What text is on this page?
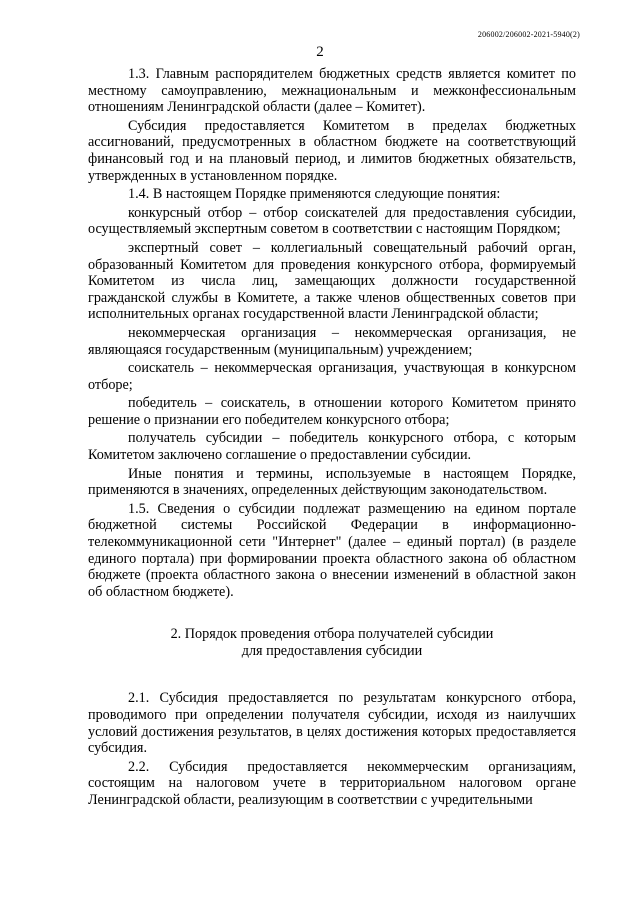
206002/206002-2021-5940(2)
2

1.3. Главным распорядителем бюджетных средств является комитет по местному самоуправлению, межнациональным и межконфессиональным отношениям Ленинградской области (далее – Комитет).

Субсидия предоставляется Комитетом в пределах бюджетных ассигнований, предусмотренных в областном бюджете на соответствующий финансовый год и на плановый период, и лимитов бюджетных обязательств, утвержденных в установленном порядке.

1.4. В настоящем Порядке применяются следующие понятия:

конкурсный отбор – отбор соискателей для предоставления субсидии, осуществляемый экспертным советом в соответствии с настоящим Порядком;

экспертный совет – коллегиальный совещательный рабочий орган, образованный Комитетом для проведения конкурсного отбора, формируемый Комитетом из числа лиц, замещающих должности государственной гражданской службы в Комитете, а также членов общественных советов при исполнительных органах государственной власти Ленинградской области;

некоммерческая организация – некоммерческая организация, не являющаяся государственным (муниципальным) учреждением;

соискатель – некоммерческая организация, участвующая в конкурсном отборе;

победитель – соискатель, в отношении которого Комитетом принято решение о признании его победителем конкурсного отбора;

получатель субсидии – победитель конкурсного отбора, с которым Комитетом заключено соглашение о предоставлении субсидии.

Иные понятия и термины, используемые в настоящем Порядке, применяются в значениях, определенных действующим законодательством.

1.5. Сведения о субсидии подлежат размещению на едином портале бюджетной системы Российской Федерации в информационно-телекоммуникационной сети "Интернет" (далее – единый портал) (в разделе единого портала) при формировании проекта областного закона об областном бюджете (проекта областного закона о внесении изменений в областной закон об областном бюджете).

2. Порядок проведения отбора получателей субсидии
для предоставления субсидии

2.1. Субсидия предоставляется по результатам конкурсного отбора, проводимого при определении получателя субсидии, исходя из наилучших условий достижения результатов, в целях достижения которых предоставляется субсидия.

2.2. Субсидия предоставляется некоммерческим организациям, состоящим на налоговом учете в территориальном налоговом органе Ленинградской области, реализующим в соответствии с учредительными
